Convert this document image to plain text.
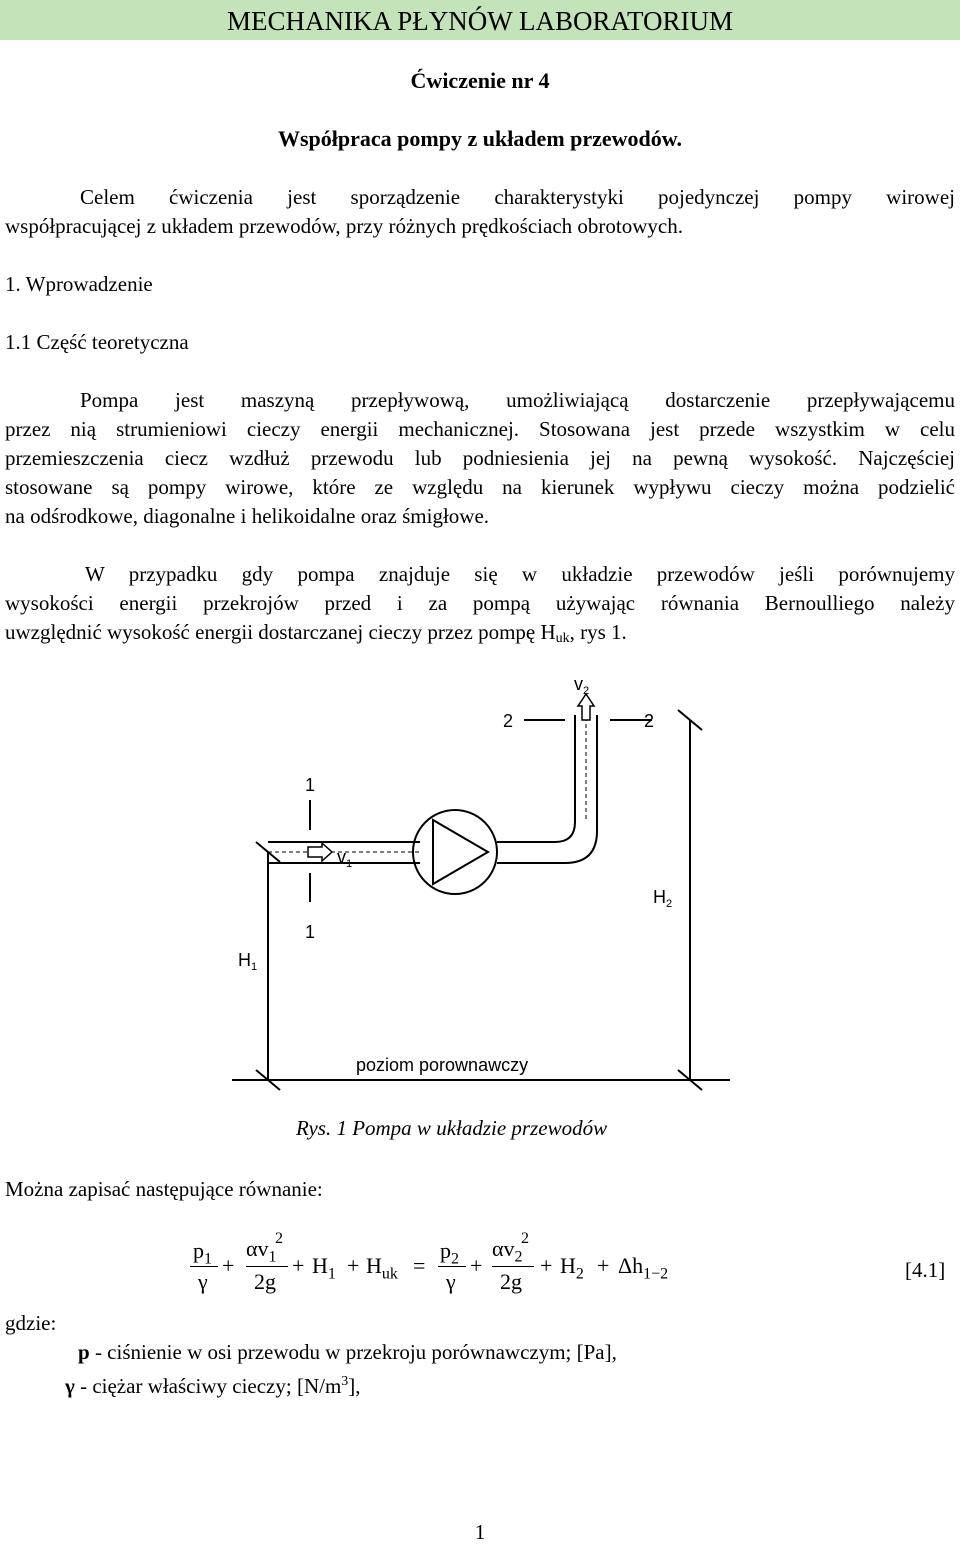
MECHANIKA PŁYNÓW LABORATORIUM
Ćwiczenie nr 4
Współpraca pompy z układem przewodów.
Celem ćwiczenia jest sporządzenie charakterystyki pojedynczej pompy wirowej
współpracującej z układem przewodów, przy różnych prędkościach obrotowych.
1. Wprowadzenie
1.1 Część teoretyczna
Pompa jest maszyną przepływową, umożliwiającą dostarczenie przepływającemu
przez nią strumieniowi cieczy energii mechanicznej. Stosowana jest przede wszystkim w celu
przemieszczenia ciecz wzdłuż przewodu lub podniesienia jej na pewną wysokość. Najczęściej
stosowane są pompy wirowe, które ze względu na kierunek wypływu cieczy można podzielić
na odśrodkowe, diagonalne i helikoidalne oraz śmigłowe.
W przypadku gdy pompa znajduje się w układzie przewodów jeśli porównujemy
wysokości energii przekrojów przed i za pompą używając równania Bernoulliego należy
uwzględnić wysokość energii dostarczanej cieczy przez pompę $H_{uk}$, rys 1.
$v_2$
2	2
1
1
$v_1$
$H_2$
$H_1$
poziom porownawczy
Rys. 1 Pompa w układzie przewodów
Można zapisać następujące równanie:
$p_1$
γ
+
$\alpha v_1$
2
2g
+ $H_1 + H_{uk}$ =
$p_2$
γ
+
$\alpha v_2$
2
2g
+ $H_2 + \Delta h_{1-2}$	[4.1]
gdzie:
p - ciśnienie w osi przewodu w przekroju porównawczym; [Pa],
γ - ciężar właściwy cieczy; $[N/m^3]$,
1
